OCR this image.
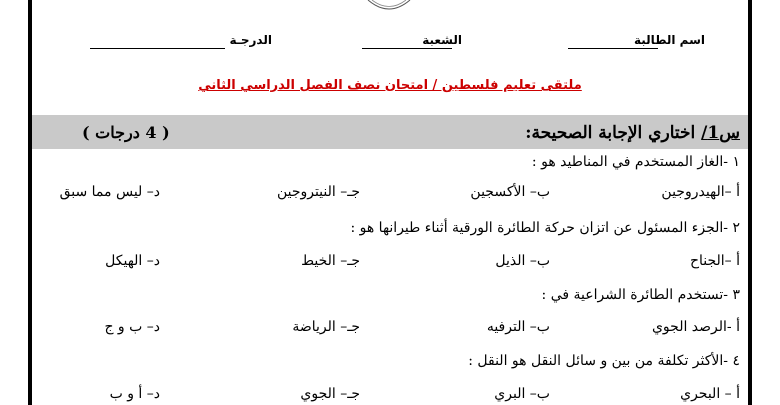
اسم الطالبة
الشعبة
الدرجـة
ملتقى تعليم فلسطين / امتحان نصف الفصل الدراسي الثاني
س1/ اختاري الإجابة الصحيحة:
( 4 درجات )
١ -الغاز المستخدم في المناطيد هو :
أ –الهيدروجين
ب– الأكسجين
جـ– النيتروجين
د– ليس مما سبق
٢ -الجزء المسئول عن اتزان حركة الطائرة الورقية أثناء طيرانها هو :
أ –الجناح
ب– الذيل
جـ– الخيط
د– الهيكل
٣ -تستخدم الطائرة الشراعية في :
أ -الرصد الجوي
ب– الترفيه
جـ– الرياضة
د– ب و ج
٤ -الأكثر تكلفة من بين و سائل النقل هو النقل :
أ – البحري
ب– البري
جـ– الجوي
د– أ و ب
